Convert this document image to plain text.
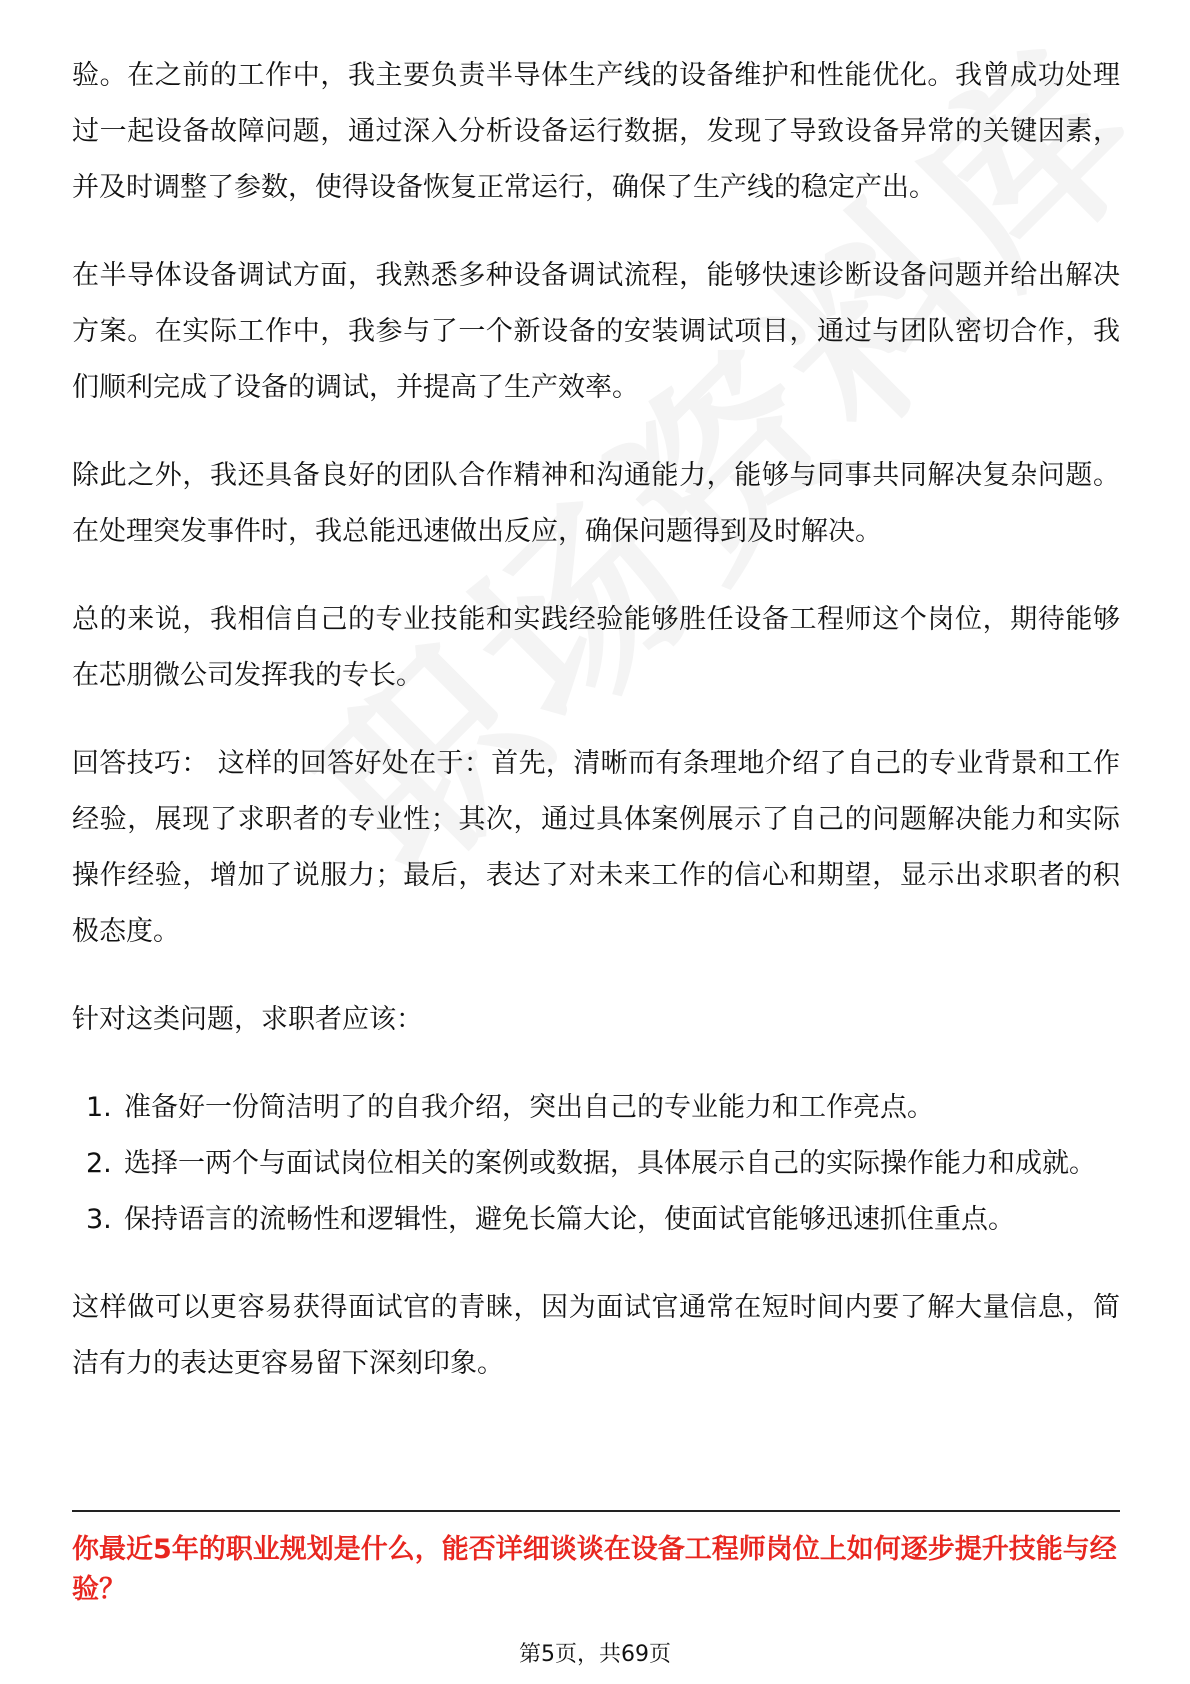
验。在之前的工作中，我主要负责半导体生产线的设备维护和性能优化。我曾成功处理过一起设备故障问题，通过深入分析设备运行数据，发现了导致设备异常的关键因素，并及时调整了参数，使得设备恢复正常运行，确保了生产线的稳定产出。

在半导体设备调试方面，我熟悉多种设备调试流程，能够快速诊断设备问题并给出解决方案。在实际工作中，我参与了一个新设备的安装调试项目，通过与团队密切合作，我们顺利完成了设备的调试，并提高了生产效率。

除此之外，我还具备良好的团队合作精神和沟通能力，能够与同事共同解决复杂问题。在处理突发事件时，我总能迅速做出反应，确保问题得到及时解决。

总的来说，我相信自己的专业技能和实践经验能够胜任设备工程师这个岗位，期待能够在芯朋微公司发挥我的专长。

回答技巧： 这样的回答好处在于：首先，清晰而有条理地介绍了自己的专业背景和工作经验，展现了求职者的专业性；其次，通过具体案例展示了自己的问题解决能力和实际操作经验，增加了说服力；最后，表达了对未来工作的信心和期望，显示出求职者的积极态度。

针对这类问题，求职者应该：

1. 准备好一份简洁明了的自我介绍，突出自己的专业能力和工作亮点。
2. 选择一两个与面试岗位相关的案例或数据，具体展示自己的实际操作能力和成就。
3. 保持语言的流畅性和逻辑性，避免长篇大论，使面试官能够迅速抓住重点。

这样做可以更容易获得面试官的青睐，因为面试官通常在短时间内要了解大量信息，简洁有力的表达更容易留下深刻印象。

你最近5年的职业规划是什么，能否详细谈谈在设备工程师岗位上如何逐步提升技能与经验？
第5页，共69页
